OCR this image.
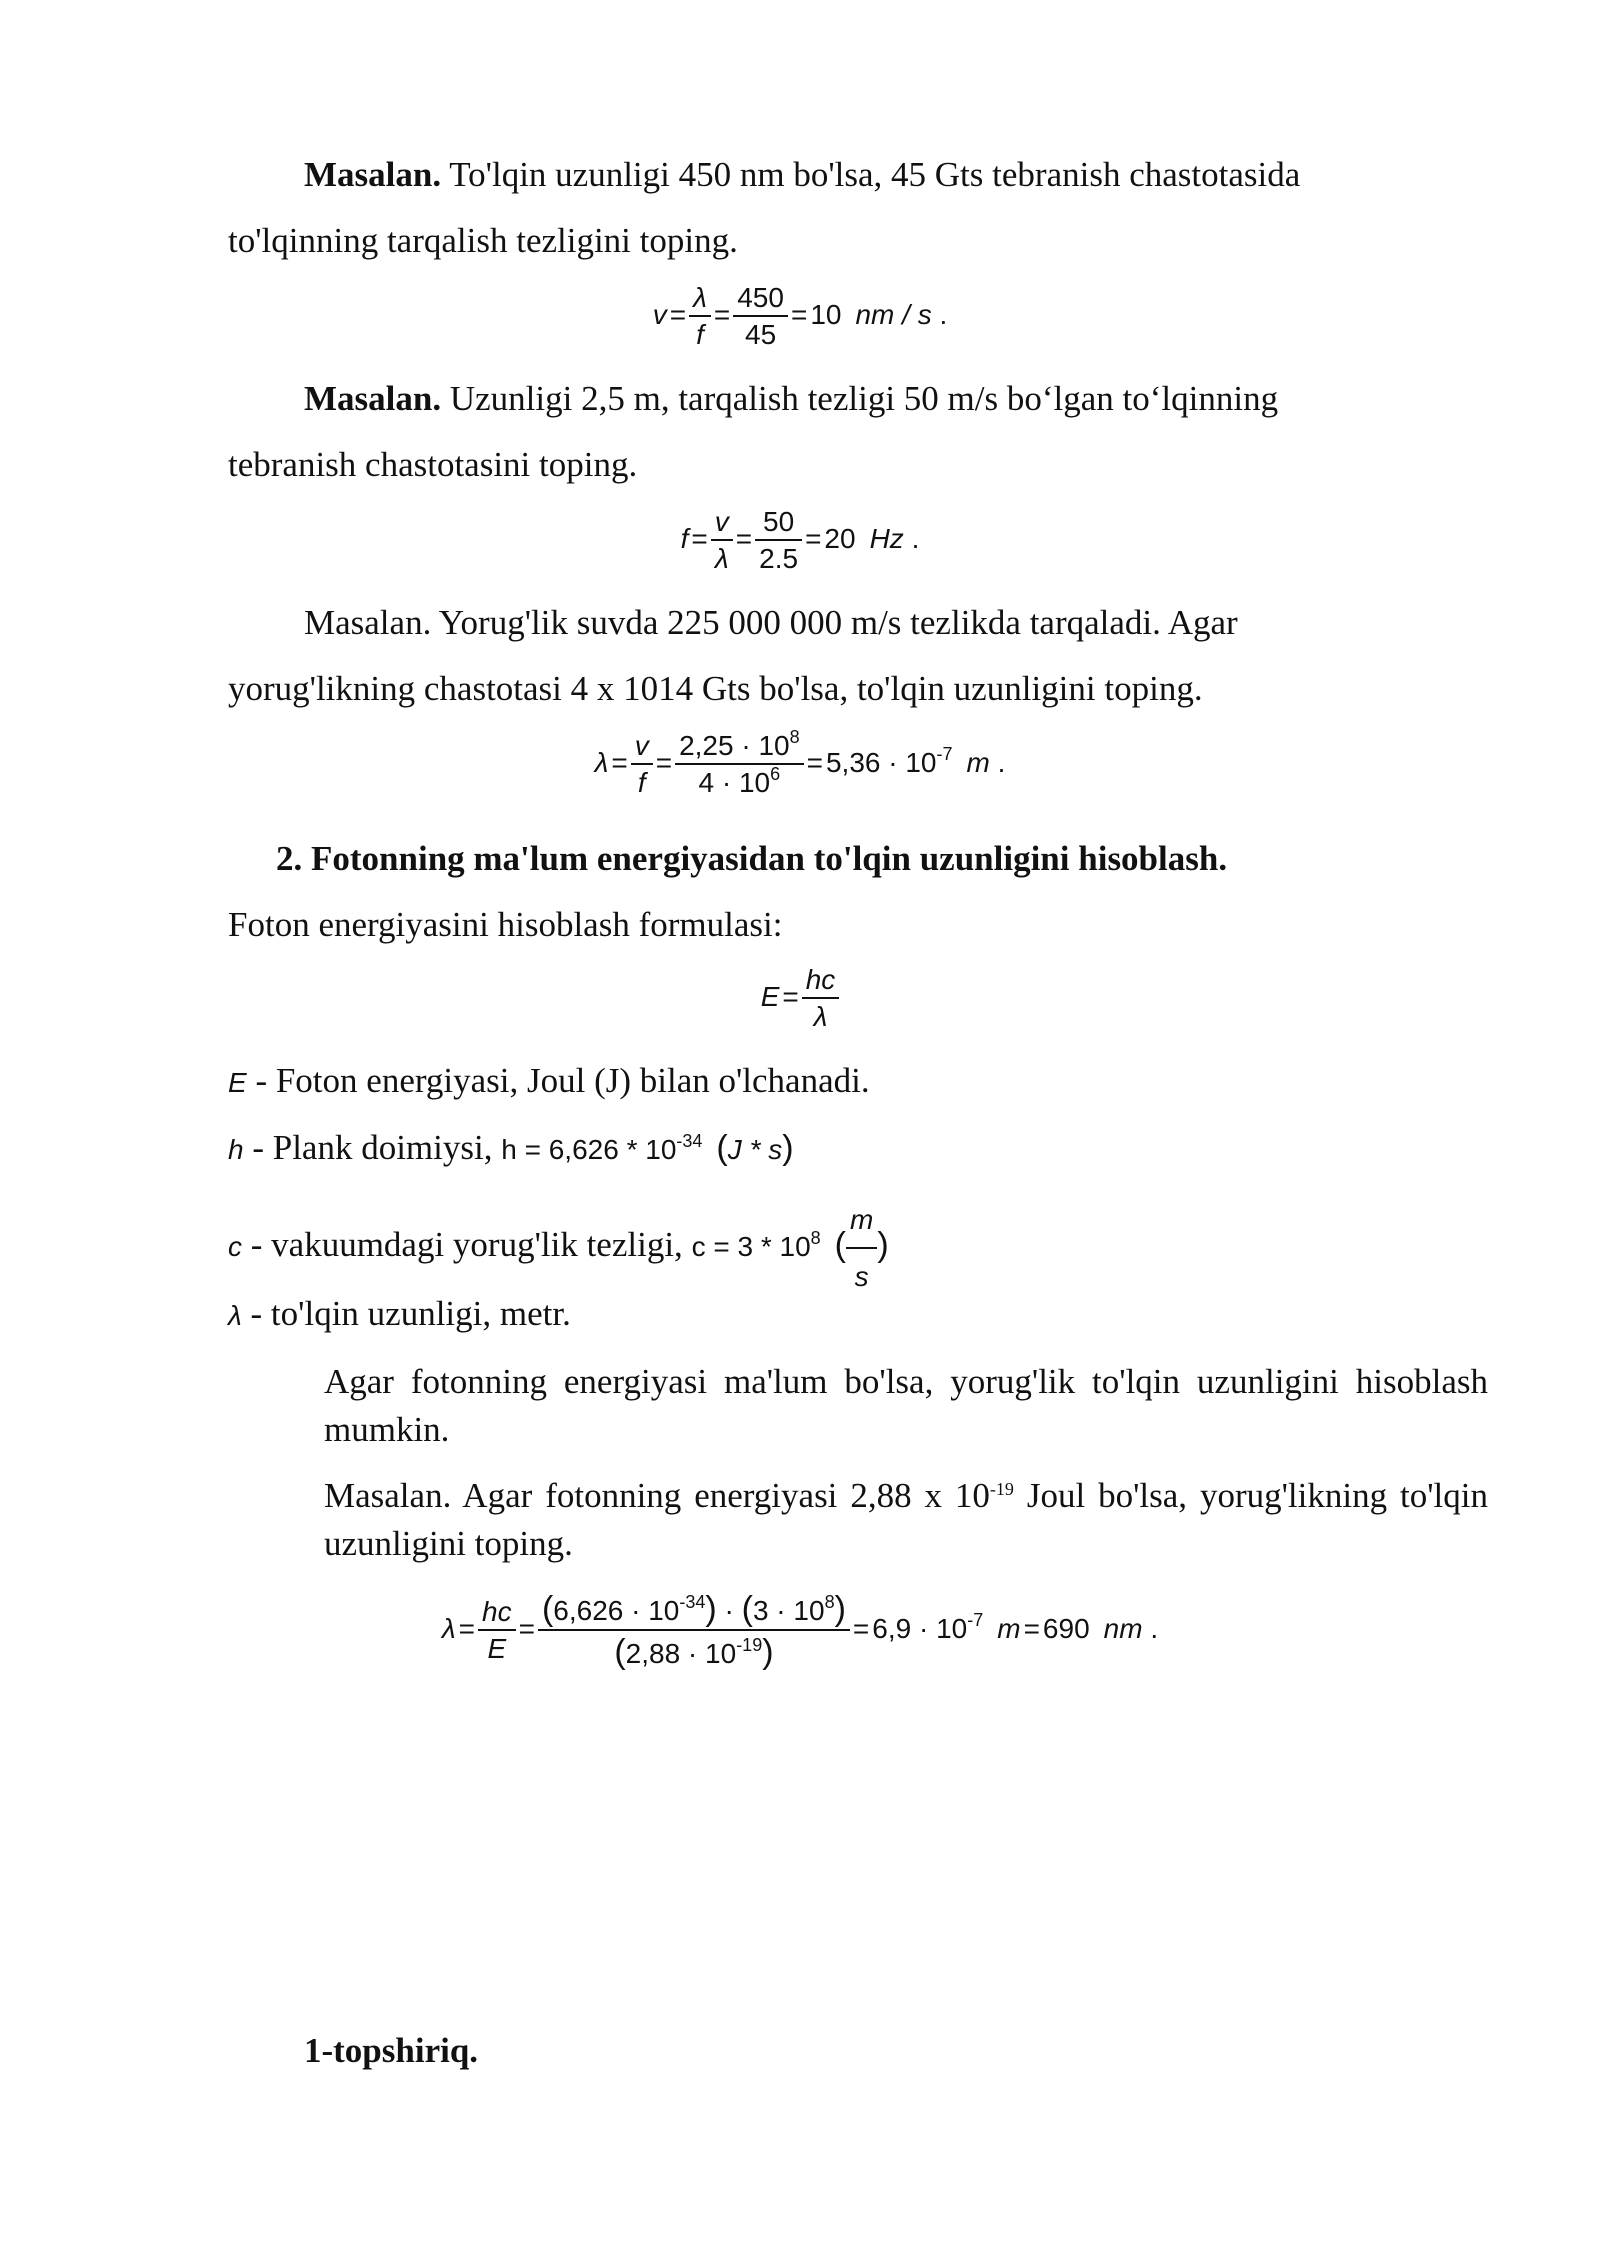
Masalan. To'lqin uzunligi 450 nm bo'lsa, 45 Gts tebranish chastotasida
to'lqinning tarqalish tezligini toping.
$v = \frac{\lambda}{f} = \frac{450}{45} = 10$ nm / s .
Masalan. Uzunligi 2,5 m, tarqalish tezligi 50 m/s bo‘lgan to‘lqinning
tebranish chastotasini toping.
$f = \frac{v}{\lambda} = \frac{50}{2.5} = 20$ Hz .
Masalan. Yorug'lik suvda 225 000 000 m/s tezlikda tarqaladi. Agar
yorug'likning chastotasi 4 x 1014 Gts bo'lsa, to'lqin uzunligini toping.
$\lambda = \frac{v}{f} = \frac{2,25 \cdot 10^8}{4 \cdot 10^6} = 5,36 \cdot 10^{-7}$ m .
2. Fotonning ma'lum energiyasidan to'lqin uzunligini hisoblash.
Foton energiyasini hisoblash formulasi:
$E = \frac{hc}{\lambda}$
E - Foton energiyasi, Joul (J) bilan o'lchanadi.
h - Plank doimiysi, $h = 6,626 * 10^{-34}$ (J * s)
c - vakuumdagi yorug'lik tezligi, $c = 3 * 10^8$ ( $\frac{m}{s}$ )
λ - to'lqin uzunligi, metr.
Agar fotonning energiyasi ma'lum bo'lsa, yorug'lik to'lqin uzunligini hisoblash mumkin.
Masalan. Agar fotonning energiyasi 2,88 x $10^{-19}$ Joul bo'lsa, yorug'likning to'lqin uzunligini toping.
$\lambda = \frac{hc}{E} = \frac{(6,626 \cdot 10^{-34}) \cdot (3 \cdot 10^8)}{(2,88 \cdot 10^{-19})} = 6,9 \cdot 10^{-7}$ m = 690 nm .
1-topshiriq.
